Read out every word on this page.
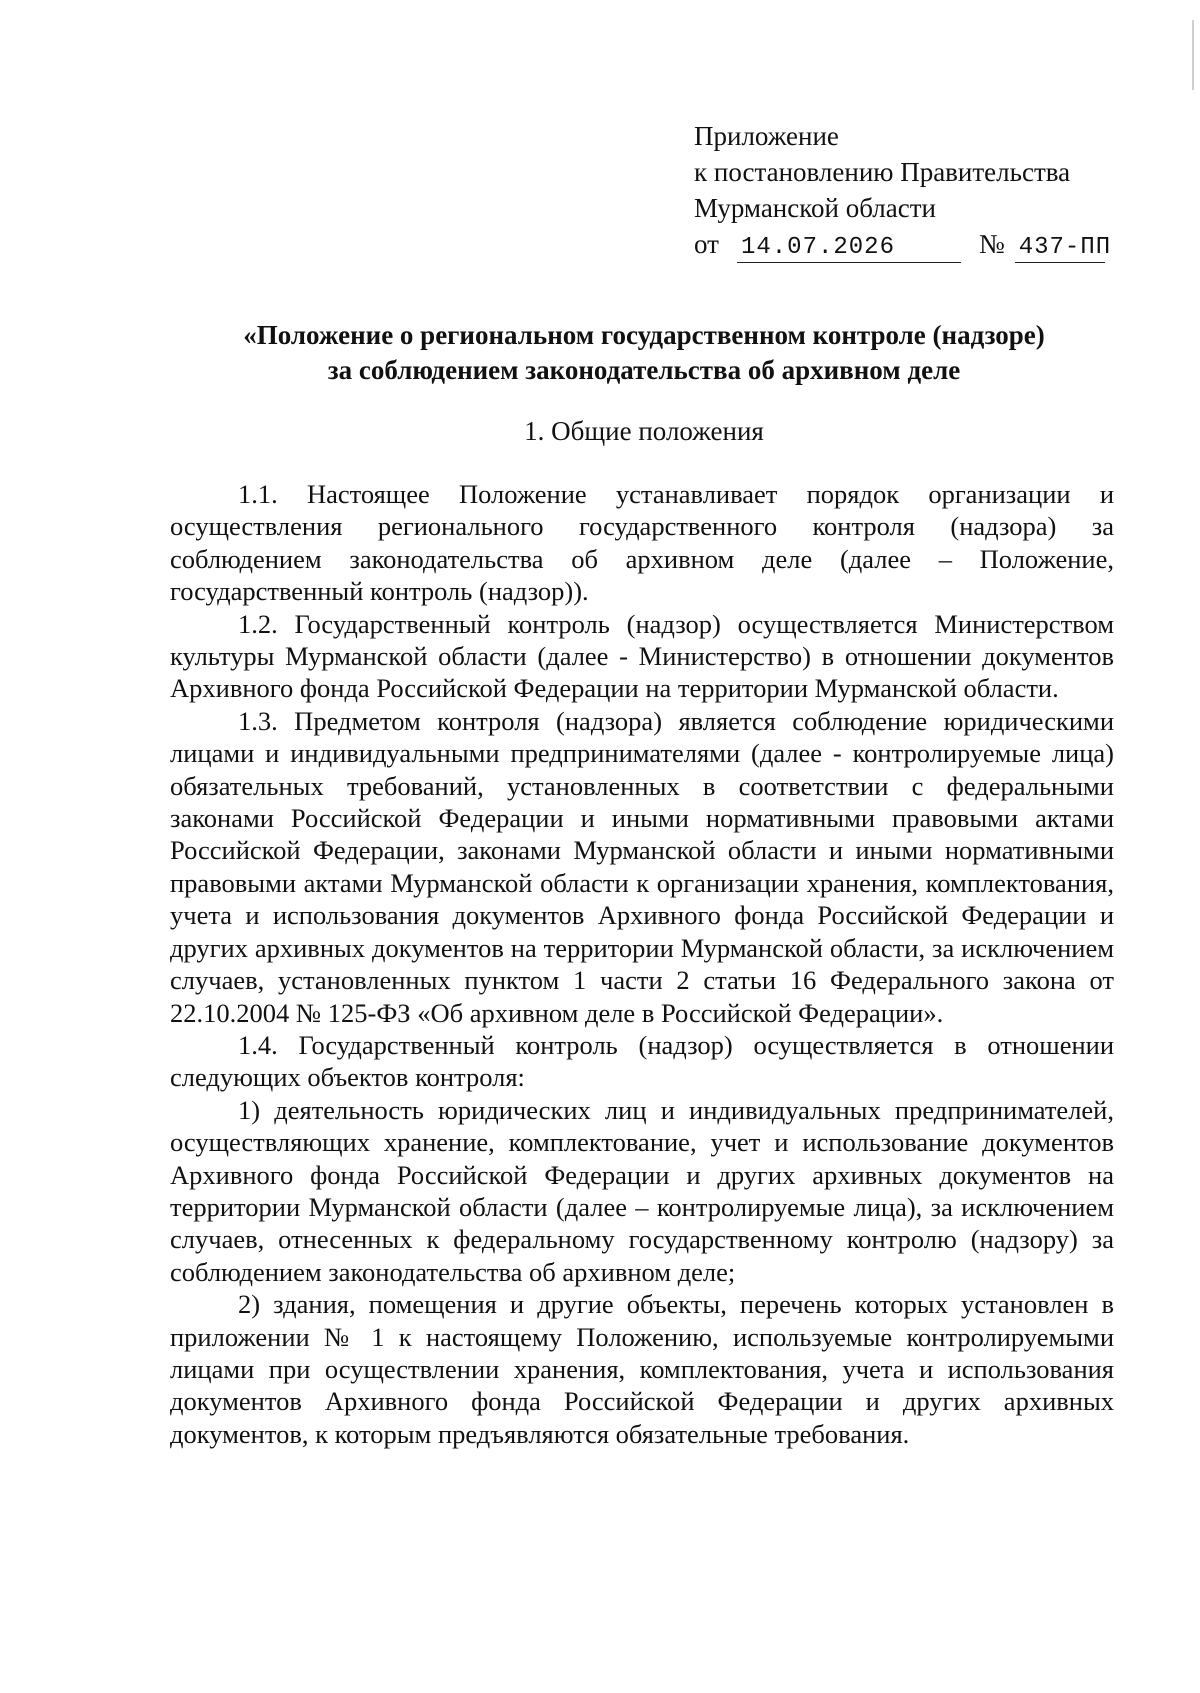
Приложение
к постановлению Правительства
Мурманской области
от 14.07.2026	№ 437-ПП
«Положение о региональном государственном контроле (надзоре)
за соблюдением законодательства об архивном деле
1. Общие положения

1.1. Настоящее Положение устанавливает порядок организации и осуществления регионального государственного контроля (надзора) за соблюдением законодательства об архивном деле (далее – Положение, государственный контроль (надзор)).

1.2. Государственный контроль (надзор) осуществляется Министерством культуры Мурманской области (далее - Министерство) в отношении документов Архивного фонда Российской Федерации на территории Мурманской области.

1.3. Предметом контроля (надзора) является соблюдение юридическими лицами и индивидуальными предпринимателями (далее - контролируемые лица) обязательных требований, установленных в соответствии с федеральными законами Российской Федерации и иными нормативными правовыми актами Российской Федерации, законами Мурманской области и иными нормативными правовыми актами Мурманской области к организации хранения, комплектования, учета и использования документов Архивного фонда Российской Федерации и других архивных документов на территории Мурманской области, за исключением случаев, установленных пунктом 1 части 2 статьи 16 Федерального закона от 22.10.2004 № 125-ФЗ «Об архивном деле в Российской Федерации».

1.4. Государственный контроль (надзор) осуществляется в отношении следующих объектов контроля:

1) деятельность юридических лиц и индивидуальных предпринимателей, осуществляющих хранение, комплектование, учет и использование документов Архивного фонда Российской Федерации и других архивных документов на территории Мурманской области (далее – контролируемые лица), за исключением случаев, отнесенных к федеральному государственному контролю (надзору) за соблюдением законодательства об архивном деле;

2) здания, помещения и другие объекты, перечень которых установлен в приложении № 1 к настоящему Положению, используемые контролируемыми лицами при осуществлении хранения, комплектования, учета и использования документов Архивного фонда Российской Федерации и других архивных документов, к которым предъявляются обязательные требования.
